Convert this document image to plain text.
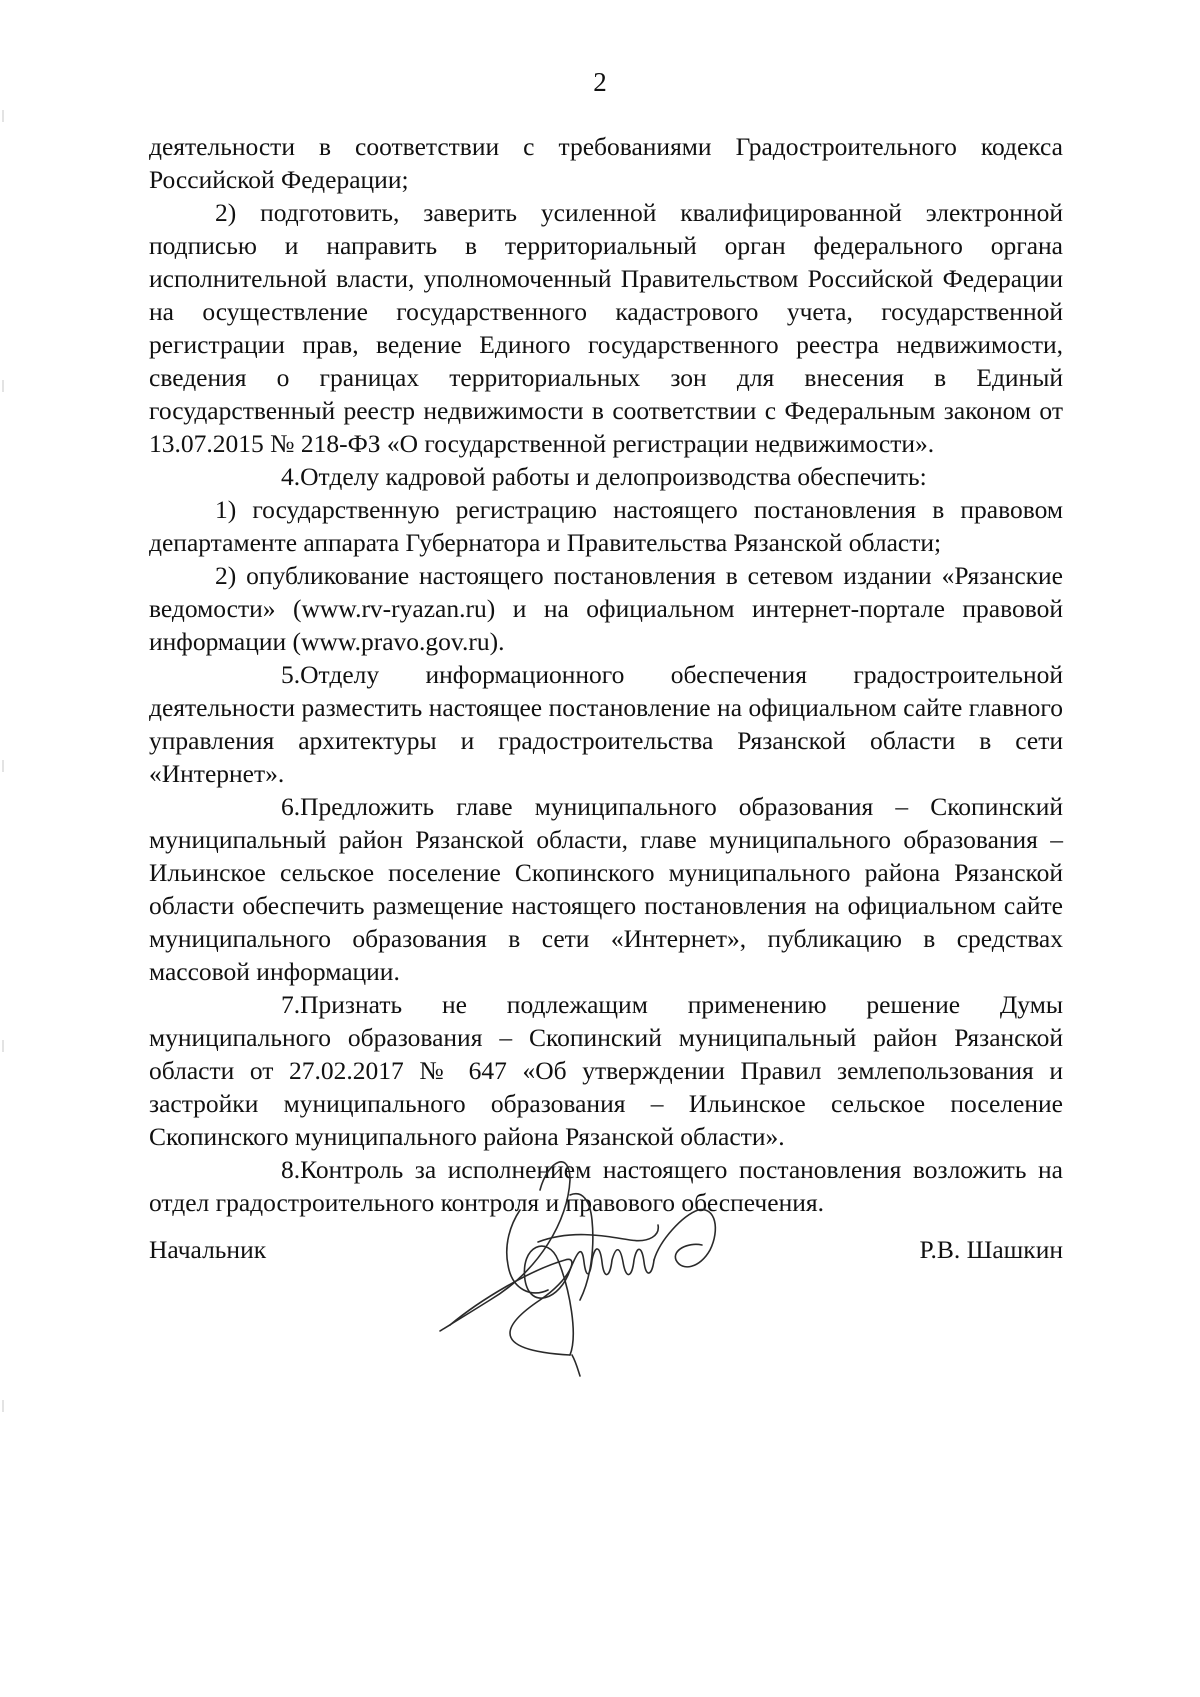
2

деятельности в соответствии с требованиями Градостроительного кодекса Российской Федерации;

2) подготовить, заверить усиленной квалифицированной электронной подписью и направить в территориальный орган федерального органа исполнительной власти, уполномоченный Правительством Российской Федерации на осуществление государственного кадастрового учета, государственной регистрации прав, ведение Единого государственного реестра недвижимости, сведения о границах территориальных зон для внесения в Единый государственный реестр недвижимости в соответствии с Федеральным законом от 13.07.2015 № 218-ФЗ «О государственной регистрации недвижимости».

4.Отделу кадровой работы и делопроизводства обеспечить:

1) государственную регистрацию настоящего постановления в правовом департаменте аппарата Губернатора и Правительства Рязанской области;

2) опубликование настоящего постановления в сетевом издании «Рязанские ведомости» (www.rv-ryazan.ru) и на официальном интернет-портале правовой информации (www.pravo.gov.ru).

5.Отделу информационного обеспечения градостроительной деятельности разместить настоящее постановление на официальном сайте главного управления архитектуры и градостроительства Рязанской области в сети «Интернет».

6.Предложить главе муниципального образования – Скопинский муниципальный район Рязанской области, главе муниципального образования – Ильинское сельское поселение Скопинского муниципального района Рязанской области обеспечить размещение настоящего постановления на официальном сайте муниципального образования в сети «Интернет», публикацию в средствах массовой информации.

7.Признать не подлежащим применению решение Думы муниципального образования – Скопинский муниципальный район Рязанской области от 27.02.2017 № 647 «Об утверждении Правил землепользования и застройки муниципального образования – Ильинское сельское поселение Скопинского муниципального района Рязанской области».

8.Контроль за исполнением настоящего постановления возложить на отдел градостроительного контроля и правового обеспечения.

Начальник	Р.В. Шашкин
